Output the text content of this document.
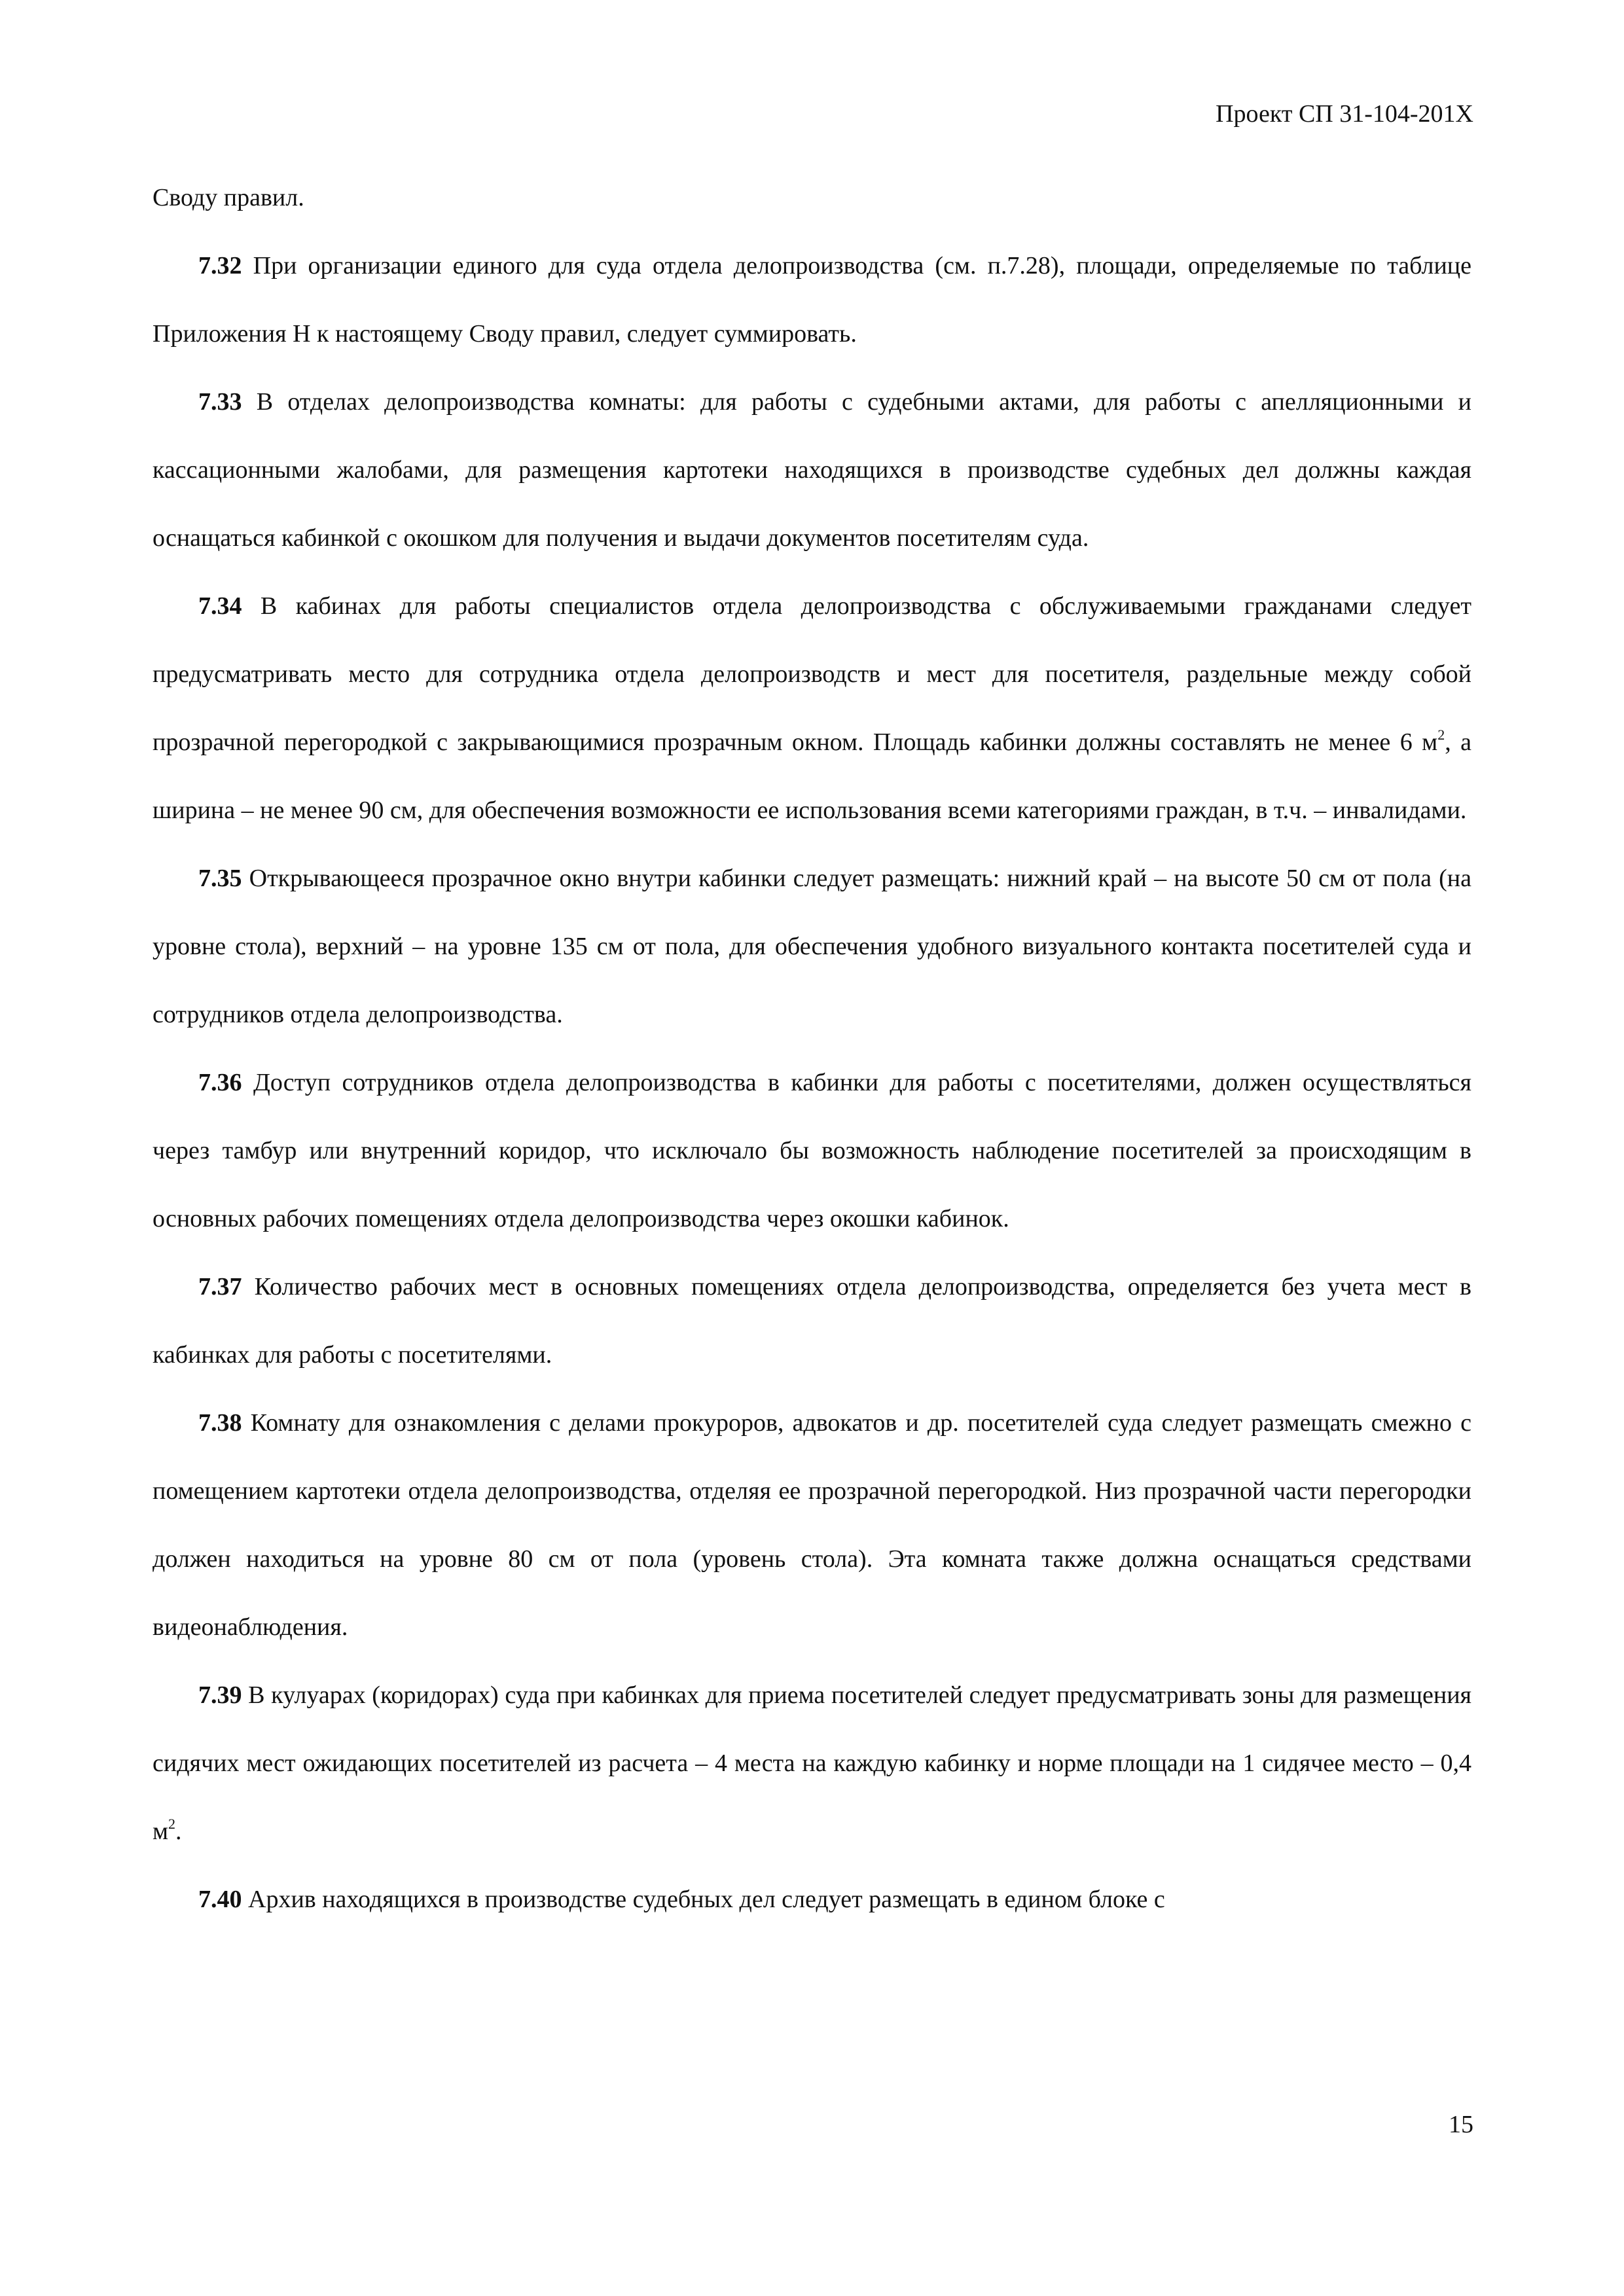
Проект СП 31-104-201Х

Своду правил.

7.32 При организации единого для суда отдела делопроизводства (см. п.7.28), площади, определяемые по таблице Приложения Н к настоящему Своду правил, следует суммировать.

7.33 В отделах делопроизводства комнаты: для работы с судебными актами, для работы с апелляционными и кассационными жалобами, для размещения картотеки находящихся в производстве судебных дел должны каждая оснащаться кабинкой с окошком для получения и выдачи документов посетителям суда.

7.34 В кабинах для работы специалистов отдела делопроизводства с обслуживаемыми гражданами следует предусматривать место для сотрудника отдела делопроизводств и мест для посетителя, раздельные между собой прозрачной перегородкой с закрывающимися прозрачным окном. Площадь кабинки должны составлять не менее 6 $м^2$, а ширина – не менее 90 см, для обеспечения возможности ее использования всеми категориями граждан, в т.ч. – инвалидами.

7.35 Открывающееся прозрачное окно внутри кабинки следует размещать: нижний край – на высоте 50 см от пола (на уровне стола), верхний – на уровне 135 см от пола, для обеспечения удобного визуального контакта посетителей суда и сотрудников отдела делопроизводства.

7.36 Доступ сотрудников отдела делопроизводства в кабинки для работы с посетителями, должен осуществляться через тамбур или внутренний коридор, что исключало бы возможность наблюдение посетителей за происходящим в основных рабочих помещениях отдела делопроизводства через окошки кабинок.

7.37 Количество рабочих мест в основных помещениях отдела делопроизводства, определяется без учета мест в кабинках для работы с посетителями.

7.38 Комнату для ознакомления с делами прокуроров, адвокатов и др. посетителей суда следует размещать смежно с помещением картотеки отдела делопроизводства, отделяя ее прозрачной перегородкой. Низ прозрачной части перегородки должен находиться на уровне 80 см от пола (уровень стола). Эта комната также должна оснащаться средствами видеонаблюдения.

7.39 В кулуарах (коридорах) суда при кабинках для приема посетителей следует предусматривать зоны для размещения сидячих мест ожидающих посетителей из расчета – 4 места на каждую кабинку и норме площади на 1 сидячее место – 0,4 $м^2$.

7.40 Архив находящихся в производстве судебных дел следует размещать в едином блоке с

15
